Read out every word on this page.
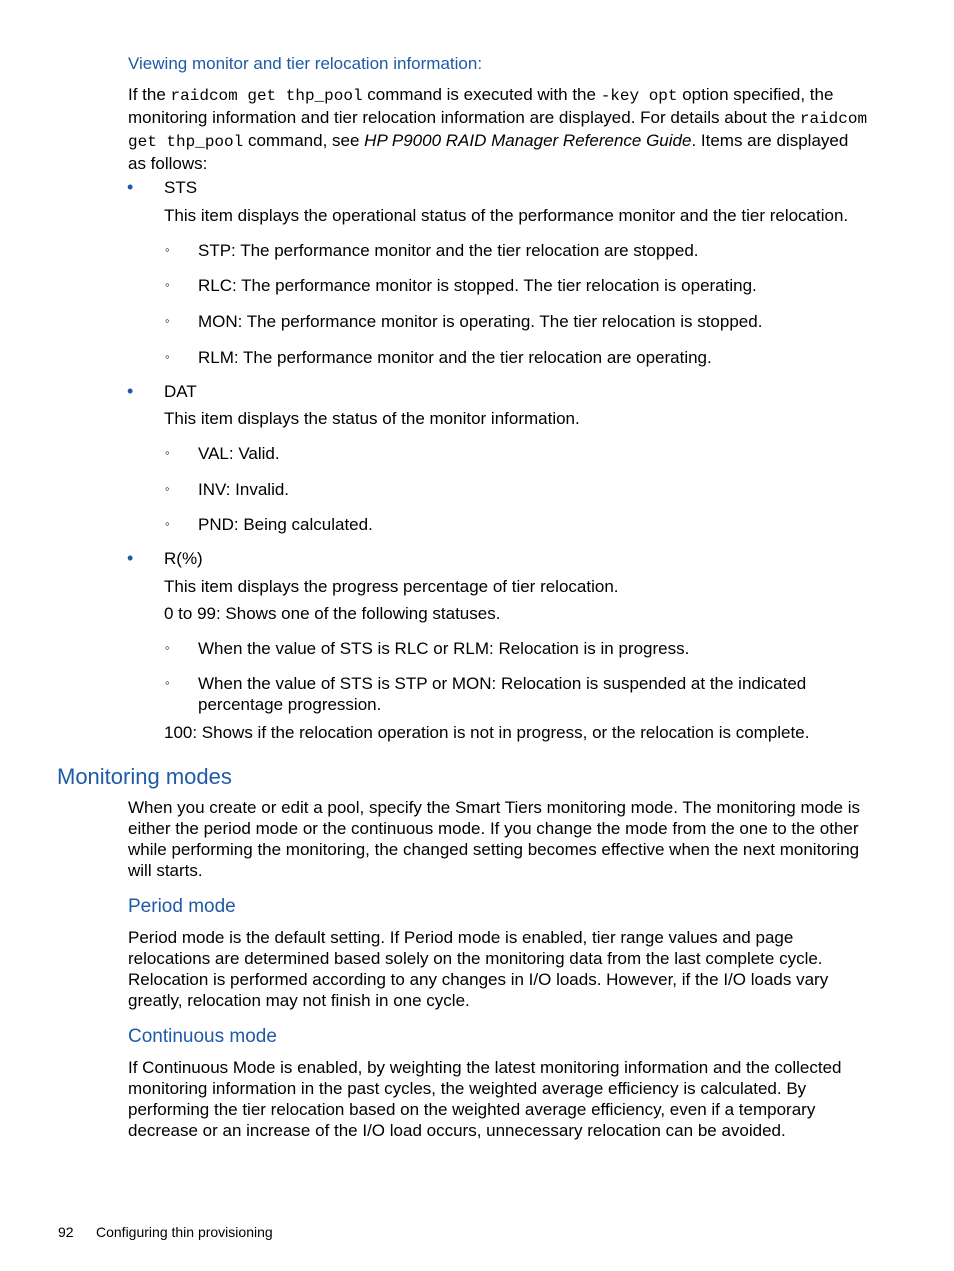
Viewing monitor and tier relocation information:
If the raidcom get thp_pool command is executed with the -key opt option specified, the monitoring information and tier relocation information are displayed. For details about the raidcom get thp_pool command, see HP P9000 RAID Manager Reference Guide. Items are displayed as follows:
• STS
This item displays the operational status of the performance monitor and the tier relocation.
◦ STP: The performance monitor and the tier relocation are stopped.
◦ RLC: The performance monitor is stopped. The tier relocation is operating.
◦ MON: The performance monitor is operating. The tier relocation is stopped.
◦ RLM: The performance monitor and the tier relocation are operating.
• DAT
This item displays the status of the monitor information.
◦ VAL: Valid.
◦ INV: Invalid.
◦ PND: Being calculated.
• R(%)
This item displays the progress percentage of tier relocation.
0 to 99: Shows one of the following statuses.
◦ When the value of STS is RLC or RLM: Relocation is in progress.
◦ When the value of STS is STP or MON: Relocation is suspended at the indicated percentage progression.
100: Shows if the relocation operation is not in progress, or the relocation is complete.
Monitoring modes
When you create or edit a pool, specify the Smart Tiers monitoring mode. The monitoring mode is either the period mode or the continuous mode. If you change the mode from the one to the other while performing the monitoring, the changed setting becomes effective when the next monitoring will starts.
Period mode
Period mode is the default setting. If Period mode is enabled, tier range values and page relocations are determined based solely on the monitoring data from the last complete cycle. Relocation is performed according to any changes in I/O loads. However, if the I/O loads vary greatly, relocation may not finish in one cycle.
Continuous mode
If Continuous Mode is enabled, by weighting the latest monitoring information and the collected monitoring information in the past cycles, the weighted average efficiency is calculated. By performing the tier relocation based on the weighted average efficiency, even if a temporary decrease or an increase of the I/O load occurs, unnecessary relocation can be avoided.
92 Configuring thin provisioning
